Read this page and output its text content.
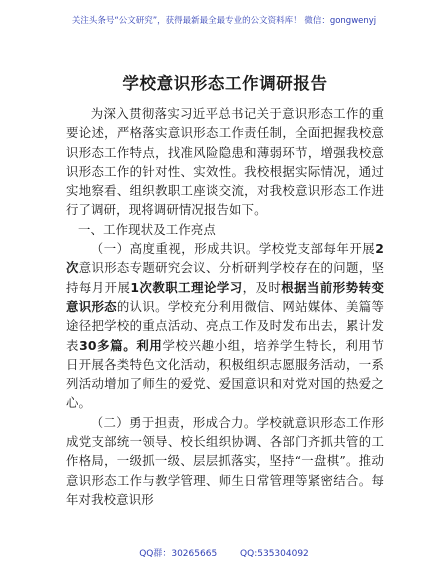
关注头条号“公文研究”，获得最新最全最专业的公文资料库！ 微信：gongwenyj
学校意识形态工作调研报告

为深入贯彻落实习近平总书记关于意识形态工作的重要论述，严格落实意识形态工作责任制，全面把握我校意识形态工作特点，找准风险隐患和薄弱环节，增强我校意识形态工作的针对性、实效性。我校根据实际情况，通过实地察看、组织教职工座谈交流，对我校意识形态工作进行了调研，现将调研情况报告如下。

一、工作现状及工作亮点

（一）高度重视，形成共识。学校党支部每年开展2次意识形态专题研究会议、分析研判学校存在的问题，坚持每月开展1次教职工理论学习，及时根据当前形势转变意识形态的认识。学校充分利用微信、网站媒体、美篇等途径把学校的重点活动、亮点工作及时发布出去，累计发表30多篇。利用学校兴趣小组，培养学生特长，利用节日开展各类特色文化活动，积极组织志愿服务活动，一系列活动增加了师生的爱党、爱国意识和对党对国的热爱之心。

（二）勇于担责，形成合力。学校就意识形态工作形成党支部统一领导、校长组织协调、各部门齐抓共管的工作格局，一级抓一级、层层抓落实，坚持“一盘棋”。推动意识形态工作与教学管理、师生日常管理等紧密结合。每年对我校意识形

QQ群：30265665	QQ:535304092
